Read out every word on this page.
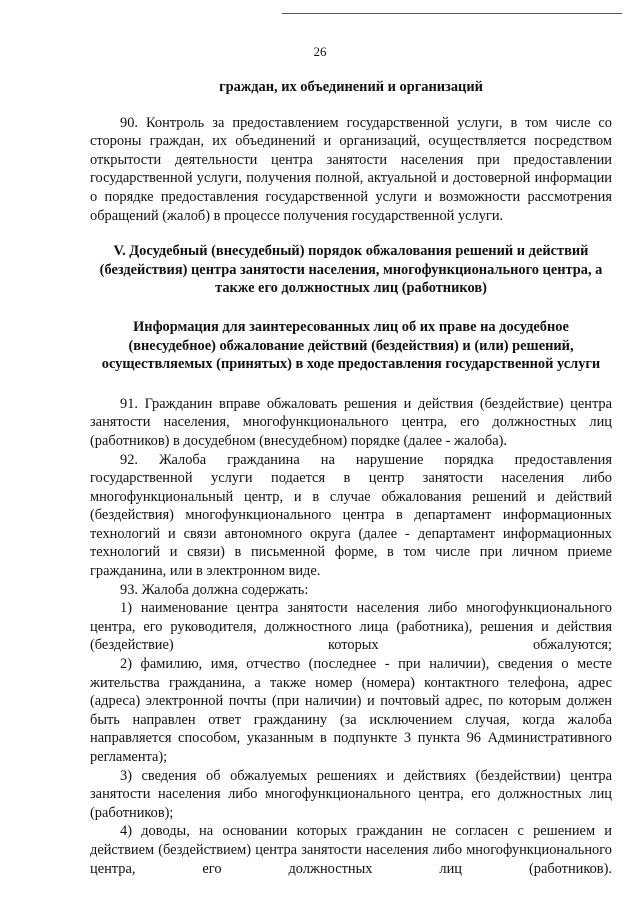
26
граждан, их объединений и организаций

90. Контроль за предоставлением государственной услуги, в том числе со стороны граждан, их объединений и организаций, осуществляется посредством открытости деятельности центра занятости населения при предоставлении государственной услуги, получения полной, актуальной и достоверной информации о порядке предоставления государственной услуги и возможности рассмотрения обращений (жалоб) в процессе получения государственной услуги.

V. Досудебный (внесудебный) порядок обжалования решений и действий (бездействия) центра занятости населения, многофункционального центра, а также его должностных лиц (работников)
Информация для заинтересованных лиц об их праве на досудебное (внесудебное) обжалование действий (бездействия) и (или) решений, осуществляемых (принятых) в ходе предоставления государственной услуги

91. Гражданин вправе обжаловать решения и действия (бездействие) центра занятости населения, многофункционального центра, его должностных лиц (работников) в досудебном (внесудебном) порядке (далее - жалоба).

92. Жалоба гражданина на нарушение порядка предоставления государственной услуги подается в центр занятости населения либо многофункциональный центр, и в случае обжалования решений и действий (бездействия) многофункционального центра в департамент информационных технологий и связи автономного округа (далее - департамент информационных технологий и связи) в письменной форме, в том числе при личном приеме гражданина, или в электронном виде.

93. Жалоба должна содержать:

1) наименование центра занятости населения либо многофункционального центра, его руководителя, должностного лица (работника), решения и действия (бездействие) которых обжалуются;

2) фамилию, имя, отчество (последнее - при наличии), сведения о месте жительства гражданина, а также номер (номера) контактного телефона, адрес (адреса) электронной почты (при наличии) и почтовый адрес, по которым должен быть направлен ответ гражданину (за исключением случая, когда жалоба направляется способом, указанным в подпункте 3 пункта 96 Административного регламента);

3) сведения об обжалуемых решениях и действиях (бездействии) центра занятости населения либо многофункционального центра, его должностных лиц (работников);

4) доводы, на основании которых гражданин не согласен с решением и действием (бездействием) центра занятости населения либо многофункционального центра, его должностных лиц (работников).
